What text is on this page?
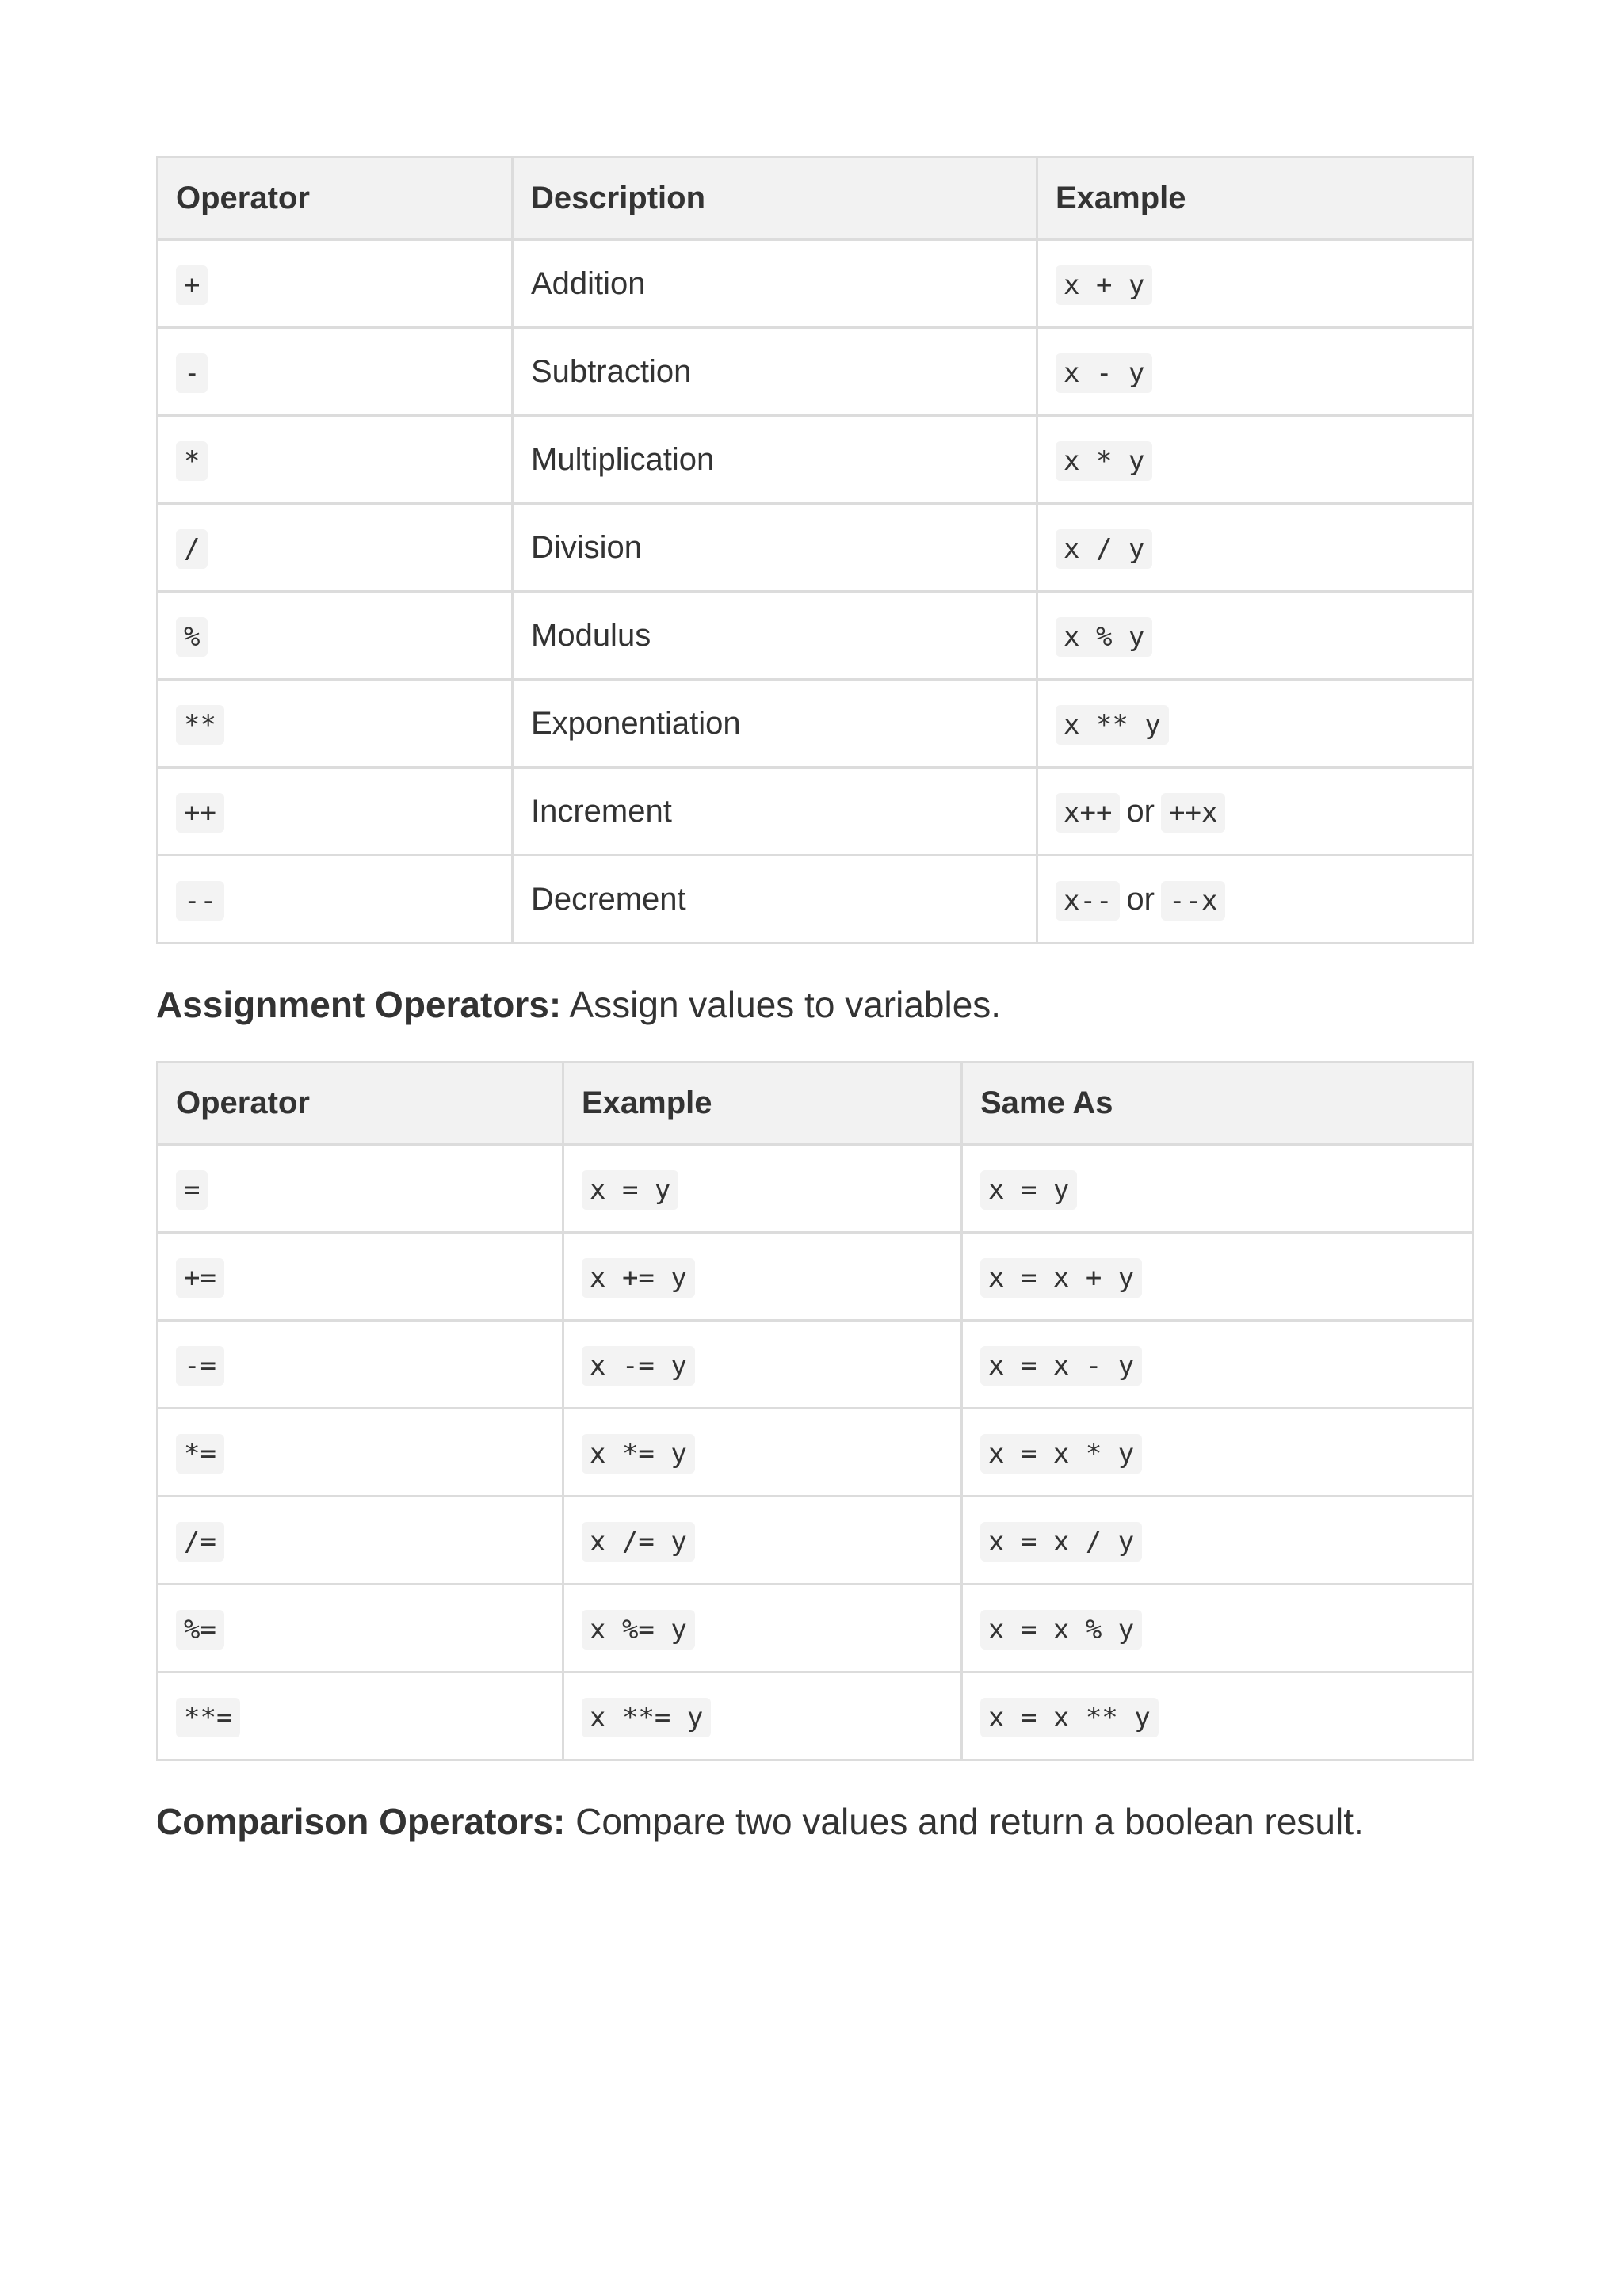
Operator	Description	Example
+	Addition	x + y
-	Subtraction	x - y
*	Multiplication	x * y
/	Division	x / y
%	Modulus	x % y
**	Exponentiation	x ** y
++	Increment	x++ or ++x
--	Decrement	x-- or --x

Assignment Operators: Assign values to variables.

Operator	Example	Same As
=	x = y	x = y
+=	x += y	x = x + y
-=	x -= y	x = x - y
*=	x *= y	x = x * y
/=	x /= y	x = x / y
%=	x %= y	x = x % y
**=	x **= y	x = x ** y

Comparison Operators: Compare two values and return a boolean result.
